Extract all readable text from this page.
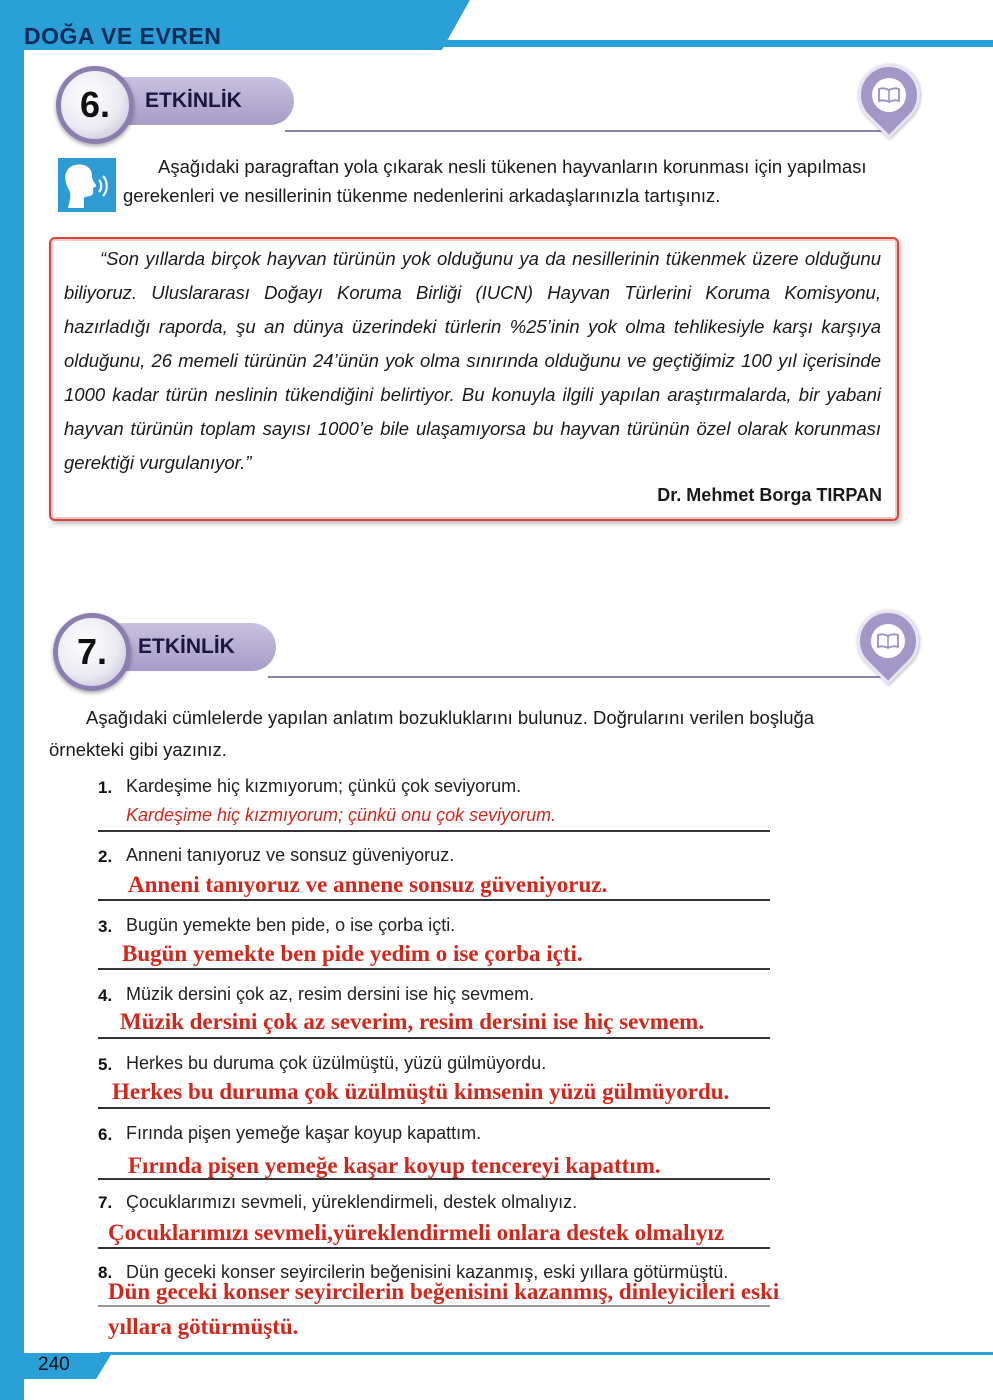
DOĞA VE EVREN
ETKİNLİK
6.
Aşağıdaki paragraftan yola çıkarak nesli tükenen hayvanların korunması için yapılması
gerekenleri ve nesillerinin tükenme nedenlerini arkadaşlarınızla tartışınız.

“Son yıllarda birçok hayvan türünün yok olduğunu ya da nesillerinin tükenmek üzere olduğunu biliyoruz. Uluslararası Doğayı Koruma Birliği (IUCN) Hayvan Türlerini Koruma Komisyonu, hazırladığı raporda, şu an dünya üzerindeki türlerin %25’inin yok olma tehlikesiyle karşı karşıya olduğunu, 26 memeli türünün 24’ünün yok olma sınırında olduğunu ve geçtiğimiz 100 yıl içerisinde 1000 kadar türün neslinin tükendiğini belirtiyor. Bu konuyla ilgili yapılan araştırmalarda, bir yabani hayvan türünün toplam sayısı 1000’e bile ulaşamıyorsa bu hayvan türünün özel olarak korunması gerektiği vurgulanıyor.”

Dr. Mehmet Borga TIRPAN
ETKİNLİK
7.
Aşağıdaki cümlelerde yapılan anlatım bozukluklarını bulunuz. Doğrularını verilen boşluğa
örnekteki gibi yazınız.
1. Kardeşime hiç kızmıyorum; çünkü çok seviyorum.
Kardeşime hiç kızmıyorum; çünkü onu çok seviyorum.
2. Anneni tanıyoruz ve sonsuz güveniyoruz.
Anneni tanıyoruz ve annene sonsuz güveniyoruz.
3. Bugün yemekte ben pide, o ise çorba içti.
Bugün yemekte ben pide yedim o ise çorba içti.
4. Müzik dersini çok az, resim dersini ise hiç sevmem.
Müzik dersini çok az severim, resim dersini ise hiç sevmem.
5. Herkes bu duruma çok üzülmüştü, yüzü gülmüyordu.
Herkes bu duruma çok üzülmüştü kimsenin yüzü gülmüyordu.
6. Fırında pişen yemeğe kaşar koyup kapattım.
Fırında pişen yemeğe kaşar koyup tencereyi kapattım.
7. Çocuklarımızı sevmeli, yüreklendirmeli, destek olmalıyız.
Çocuklarımızı sevmeli,yüreklendirmeli onlara destek olmalıyız
8. Dün geceki konser seyircilerin beğenisini kazanmış, eski yıllara götürmüştü.
Dün geceki konser seyircilerin beğenisini kazanmış, dinleyicileri eski
yıllara götürmüştü.
240
